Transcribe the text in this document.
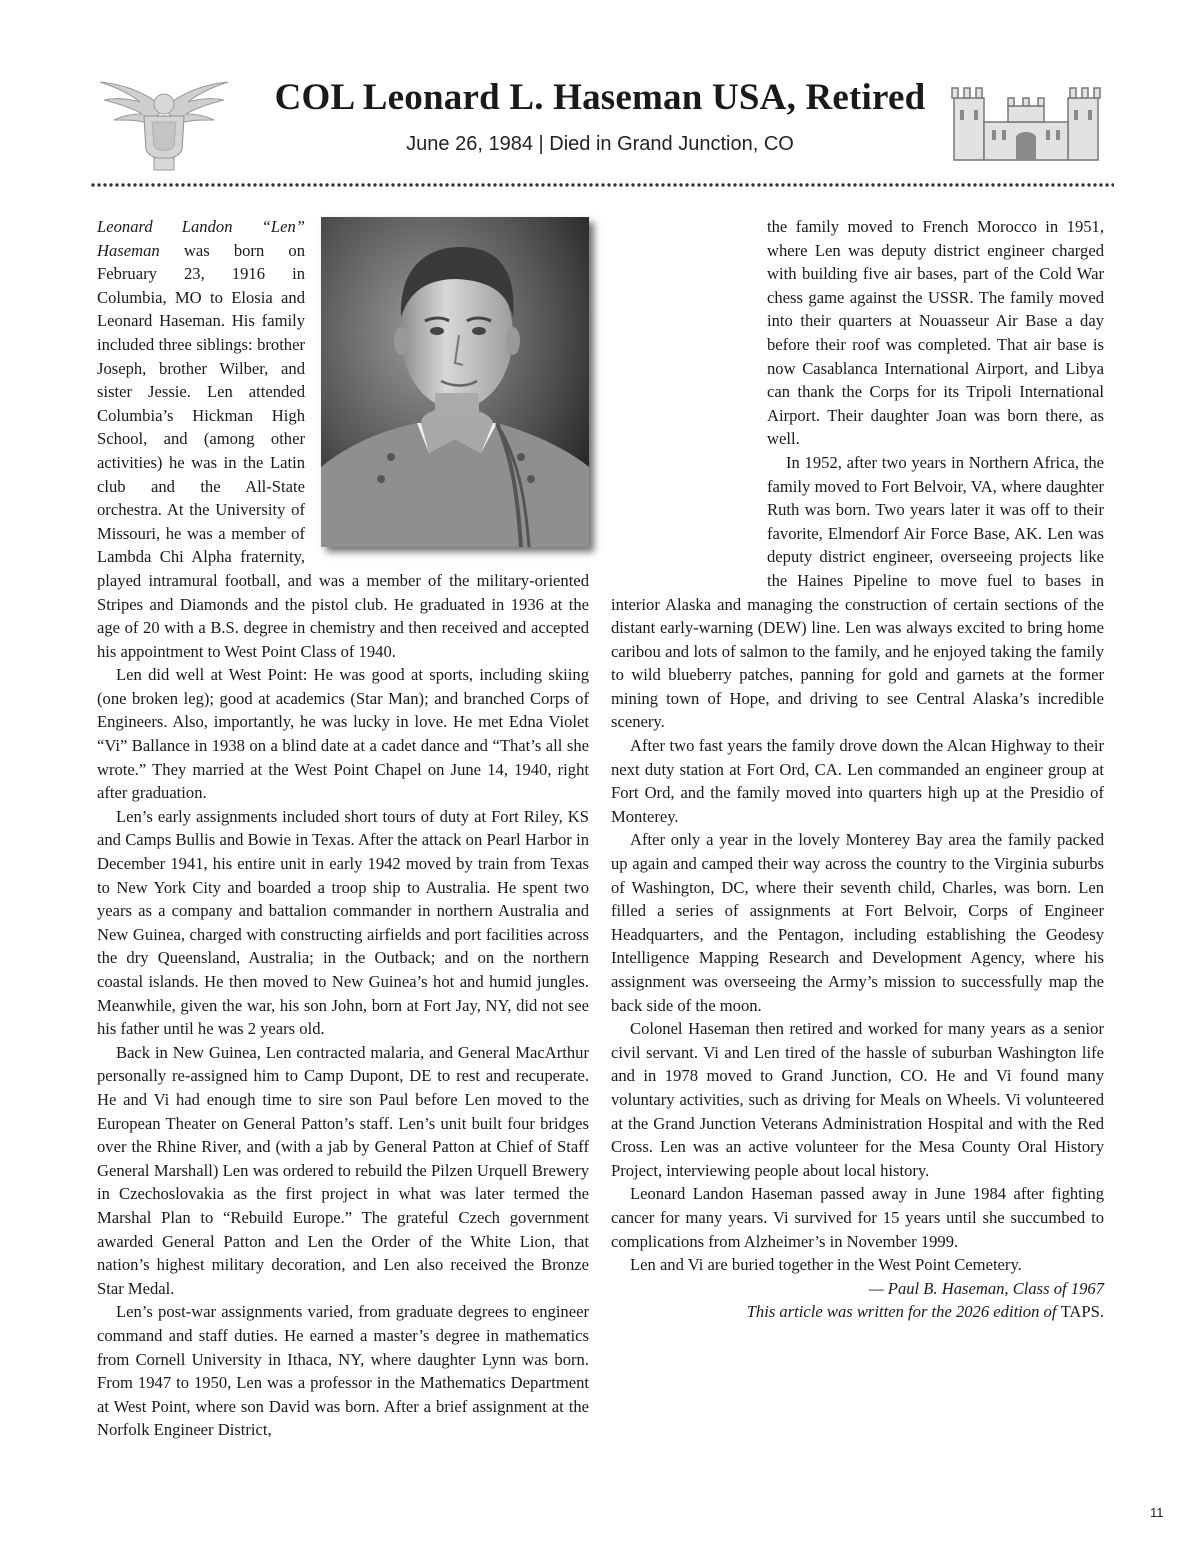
COL Leonard L. Haseman USA, Retired
June 26, 1984 | Died in Grand Junction, CO

Leonard Landon “Len” Haseman was born on February 23, 1916 in Columbia, MO to Elosia and Leonard Haseman. His family included three siblings: brother Joseph, brother Wilber, and sister Jessie. Len attended Columbia’s Hickman High School, and (among other activities) he was in the Latin club and the All-State orchestra. At the University of Missouri, he was a member of Lambda Chi Alpha fraternity, played intramural football, and was a member of the military-oriented Stripes and Diamonds and the pistol club. He graduated in 1936 at the age of 20 with a B.S. degree in chemistry and then received and accepted his appointment to West Point Class of 1940.

Len did well at West Point: He was good at sports, including skiing (one broken leg); good at academics (Star Man); and branched Corps of Engineers. Also, importantly, he was lucky in love. He met Edna Violet “Vi” Ballance in 1938 on a blind date at a cadet dance and “That’s all she wrote.” They married at the West Point Chapel on June 14, 1940, right after graduation.

Len’s early assignments included short tours of duty at Fort Riley, KS and Camps Bullis and Bowie in Texas. After the attack on Pearl Harbor in December 1941, his entire unit in early 1942 moved by train from Texas to New York City and boarded a troop ship to Australia. He spent two years as a company and battalion commander in northern Australia and New Guinea, charged with constructing airfields and port facilities across the dry Queensland, Australia; in the Outback; and on the northern coastal islands. He then moved to New Guinea’s hot and humid jungles. Meanwhile, given the war, his son John, born at Fort Jay, NY, did not see his father until he was 2 years old.

Back in New Guinea, Len contracted malaria, and General MacArthur personally re-assigned him to Camp Dupont, DE to rest and recuperate. He and Vi had enough time to sire son Paul before Len moved to the European Theater on General Patton’s staff. Len’s unit built four bridges over the Rhine River, and (with a jab by General Patton at Chief of Staff General Marshall) Len was ordered to rebuild the Pilzen Urquell Brewery in Czechoslovakia as the first project in what was later termed the Marshal Plan to “Rebuild Europe.” The grateful Czech government awarded General Patton and Len the Order of the White Lion, that nation’s highest military decoration, and Len also received the Bronze Star Medal.

Len’s post-war assignments varied, from graduate degrees to engineer command and staff duties. He earned a master’s degree in mathematics from Cornell University in Ithaca, NY, where daughter Lynn was born. From 1947 to 1950, Len was a professor in the Mathematics Department at West Point, where son David was born. After a brief assignment at the Norfolk Engineer District,

the family moved to French Morocco in 1951, where Len was deputy district engineer charged with building five air bases, part of the Cold War chess game against the USSR. The family moved into their quarters at Nouasseur Air Base a day before their roof was completed. That air base is now Casablanca International Airport, and Libya can thank the Corps for its Tripoli International Airport. Their daughter Joan was born there, as well.

In 1952, after two years in Northern Africa, the family moved to Fort Belvoir, VA, where daughter Ruth was born. Two years later it was off to their favorite, Elmendorf Air Force Base, AK. Len was deputy district engineer, overseeing projects like the Haines Pipeline to move fuel to bases in interior Alaska and managing the construction of certain sections of the distant early-warning (DEW) line. Len was always excited to bring home caribou and lots of salmon to the family, and he enjoyed taking the family to wild blueberry patches, panning for gold and garnets at the former mining town of Hope, and driving to see Central Alaska’s incredible scenery.

After two fast years the family drove down the Alcan Highway to their next duty station at Fort Ord, CA. Len commanded an engineer group at Fort Ord, and the family moved into quarters high up at the Presidio of Monterey.

After only a year in the lovely Monterey Bay area the family packed up again and camped their way across the country to the Virginia suburbs of Washington, DC, where their seventh child, Charles, was born. Len filled a series of assignments at Fort Belvoir, Corps of Engineer Headquarters, and the Pentagon, including establishing the Geodesy Intelligence Mapping Research and Development Agency, where his assignment was overseeing the Army’s mission to successfully map the back side of the moon.

Colonel Haseman then retired and worked for many years as a senior civil servant. Vi and Len tired of the hassle of suburban Washington life and in 1978 moved to Grand Junction, CO. He and Vi found many voluntary activities, such as driving for Meals on Wheels. Vi volunteered at the Grand Junction Veterans Administration Hospital and with the Red Cross. Len was an active volunteer for the Mesa County Oral History Project, interviewing people about local history.

Leonard Landon Haseman passed away in June 1984 after fighting cancer for many years. Vi survived for 15 years until she succumbed to complications from Alzheimer’s in November 1999.

Len and Vi are buried together in the West Point Cemetery.

— Paul B. Haseman, Class of 1967

This article was written for the 2026 edition of TAPS.

11
